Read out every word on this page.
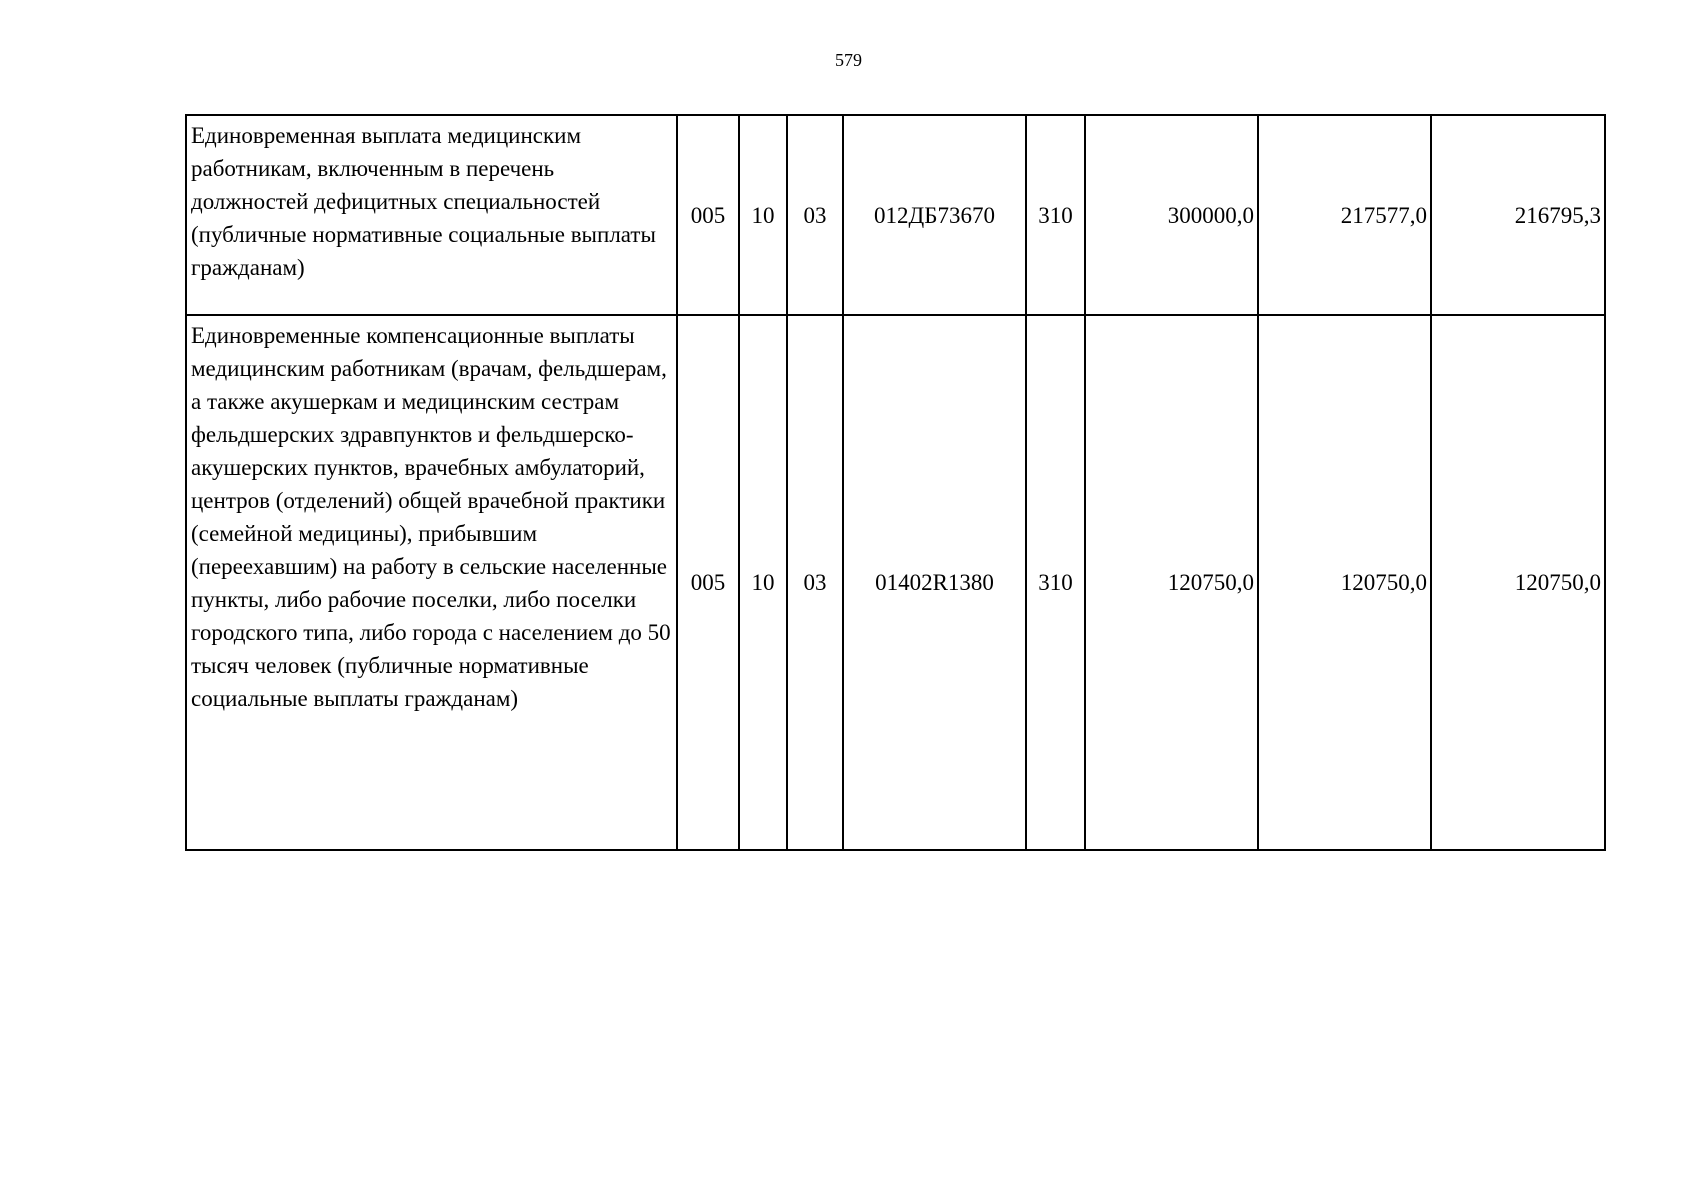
579
Единовременная выплата медицинским работникам, включенным в перечень должностей дефицитных специальностей (публичные нормативные социальные выплаты гражданам)	005	10	03	012ДБ73670	310	300000,0	217577,0	216795,3
Единовременные компенсационные выплаты медицинским работникам (врачам, фельдшерам, а также акушеркам и медицинским сестрам фельдшерских здравпунктов и фельдшерско-акушерских пунктов, врачебных амбулаторий, центров (отделений) общей врачебной практики (семейной медицины), прибывшим (переехавшим) на работу в сельские населенные пункты, либо рабочие поселки, либо поселки городского типа, либо города с населением до 50 тысяч человек (публичные нормативные социальные выплаты гражданам)	005	10	03	01402R1380	310	120750,0	120750,0	120750,0
